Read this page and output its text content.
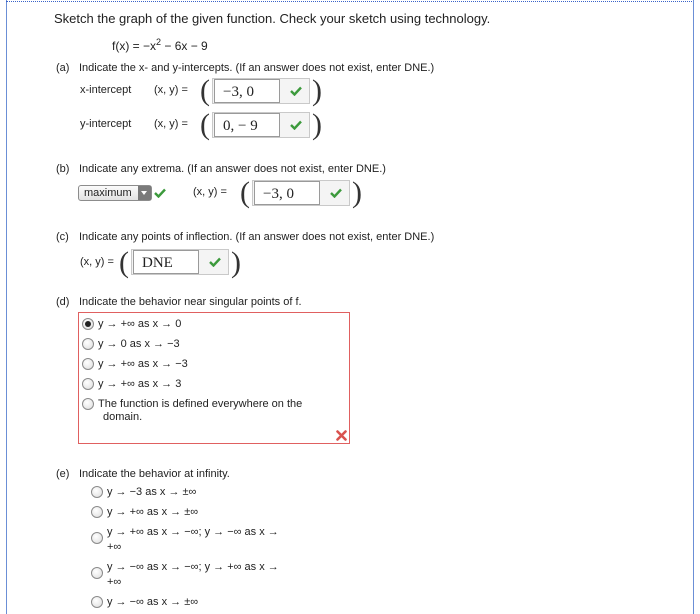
Sketch the graph of the given function. Check your sketch using technology.
$f(x) = -x^2 - 6x - 9$
(a) Indicate the x- and y-intercepts. (If an answer does not exist, enter DNE.)
x-intercept (x, y) = ( −3, 0	)
y-intercept (x, y) = ( 0, − 9	)
(b) Indicate any extrema. (If an answer does not exist, enter DNE.)
maximum	(x, y) = ( −3, 0	)
(c) Indicate any points of inflection. (If an answer does not exist, enter DNE.)
(x, y) = ( DNE	)
(d) Indicate the behavior near singular points of f.
y → +∞ as x → 0
y → 0 as x → −3
y → +∞ as x → −3
y → +∞ as x → 3
The function is defined everywhere on the
domain.
(e) Indicate the behavior at infinity.
y → −3 as x → ±∞
y → +∞ as x → ±∞
y → +∞ as x → −∞; y → −∞ as x →
+∞
y → −∞ as x → −∞; y → +∞ as x →
+∞
y → −∞ as x → ±∞
